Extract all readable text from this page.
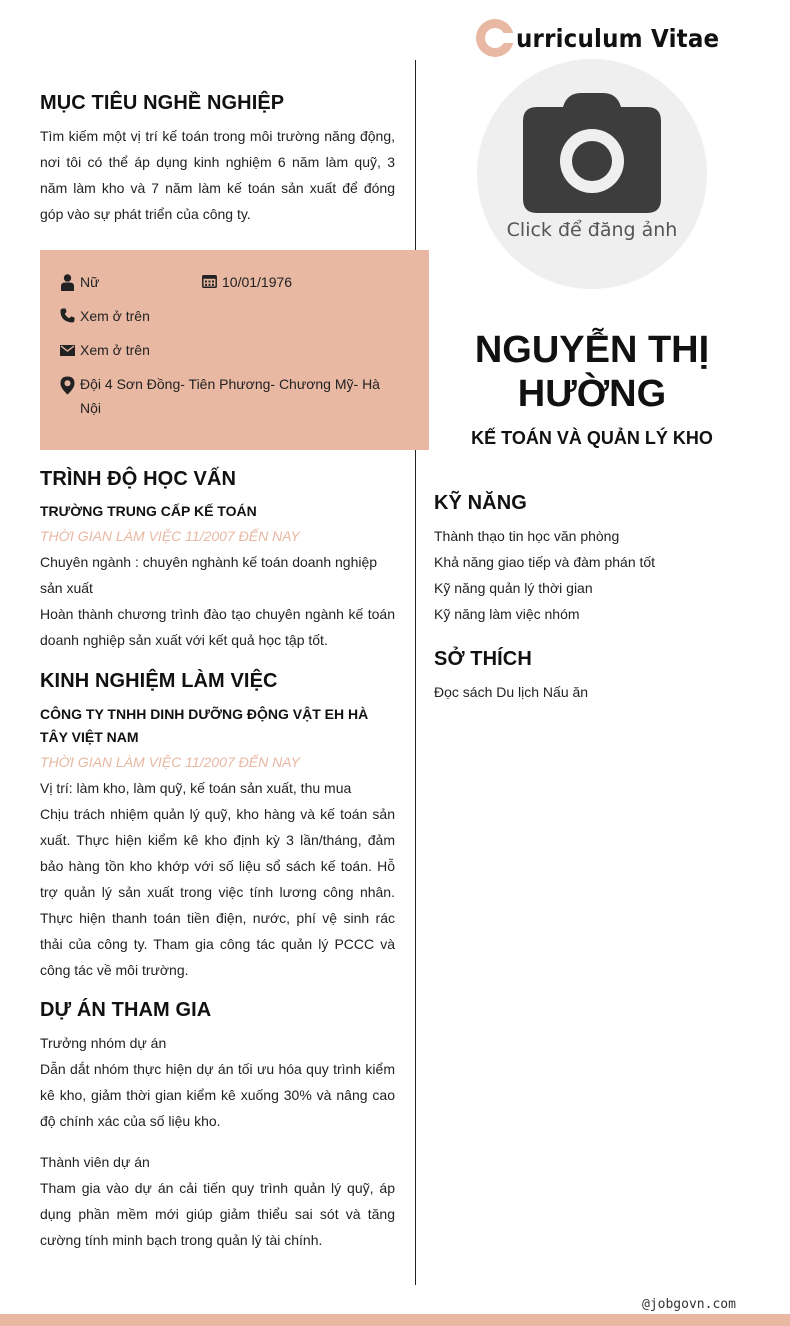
urriculum Vitae
Click để đăng ảnh
NGUYỄN THỊ
HƯỜNG
KẾ TOÁN VÀ QUẢN LÝ KHO
MỤC TIÊU NGHỀ NGHIỆP
Tìm kiếm một vị trí kế toán trong môi trường năng động, nơi tôi có thể áp dụng kinh nghiệm 6 năm làm quỹ, 3 năm làm kho và 7 năm làm kế toán sản xuất để đóng góp vào sự phát triển của công ty.
Nữ	10/01/1976
Xem ở trên
Xem ở trên
Đội 4 Sơn Đồng- Tiên Phương- Chương Mỹ- Hà
Nội
TRÌNH ĐỘ HỌC VẤN
TRƯỜNG TRUNG CẤP KẾ TOÁN
THỜI GIAN LÀM VIỆC 11/2007 ĐẾN NAY
Chuyên ngành : chuyên nghành kế toán doanh nghiệp
sản xuất
Hoàn thành chương trình đào tạo chuyên ngành kế toán doanh nghiệp sản xuất với kết quả học tập tốt.
KINH NGHIỆM LÀM VIỆC
CÔNG TY TNHH DINH DƯỠNG ĐỘNG VẬT EH HÀ TÂY VIỆT NAM
THỜI GIAN LÀM VIỆC 11/2007 ĐẾN NAY
Vị trí: làm kho, làm quỹ, kế toán sản xuất, thu mua
Chịu trách nhiệm quản lý quỹ, kho hàng và kế toán sản xuất. Thực hiện kiểm kê kho định kỳ 3 lần/tháng, đảm bảo hàng tồn kho khớp với số liệu sổ sách kế toán. Hỗ trợ quản lý sản xuất trong việc tính lương công nhân. Thực hiện thanh toán tiền điện, nước, phí vệ sinh rác thải của công ty. Tham gia công tác quản lý PCCC và công tác về môi trường.
DỰ ÁN THAM GIA
Trưởng nhóm dự án
Dẫn dắt nhóm thực hiện dự án tối ưu hóa quy trình kiểm kê kho, giảm thời gian kiểm kê xuống 30% và nâng cao độ chính xác của số liệu kho.
Thành viên dự án
Tham gia vào dự án cải tiến quy trình quản lý quỹ, áp dụng phần mềm mới giúp giảm thiểu sai sót và tăng cường tính minh bạch trong quản lý tài chính.
KỸ NĂNG
Thành thạo tin học văn phòng
Khả năng giao tiếp và đàm phán tốt
Kỹ năng quản lý thời gian
Kỹ năng làm việc nhóm
SỞ THÍCH
Đọc sách Du lịch Nấu ăn
@jobgovn.com
